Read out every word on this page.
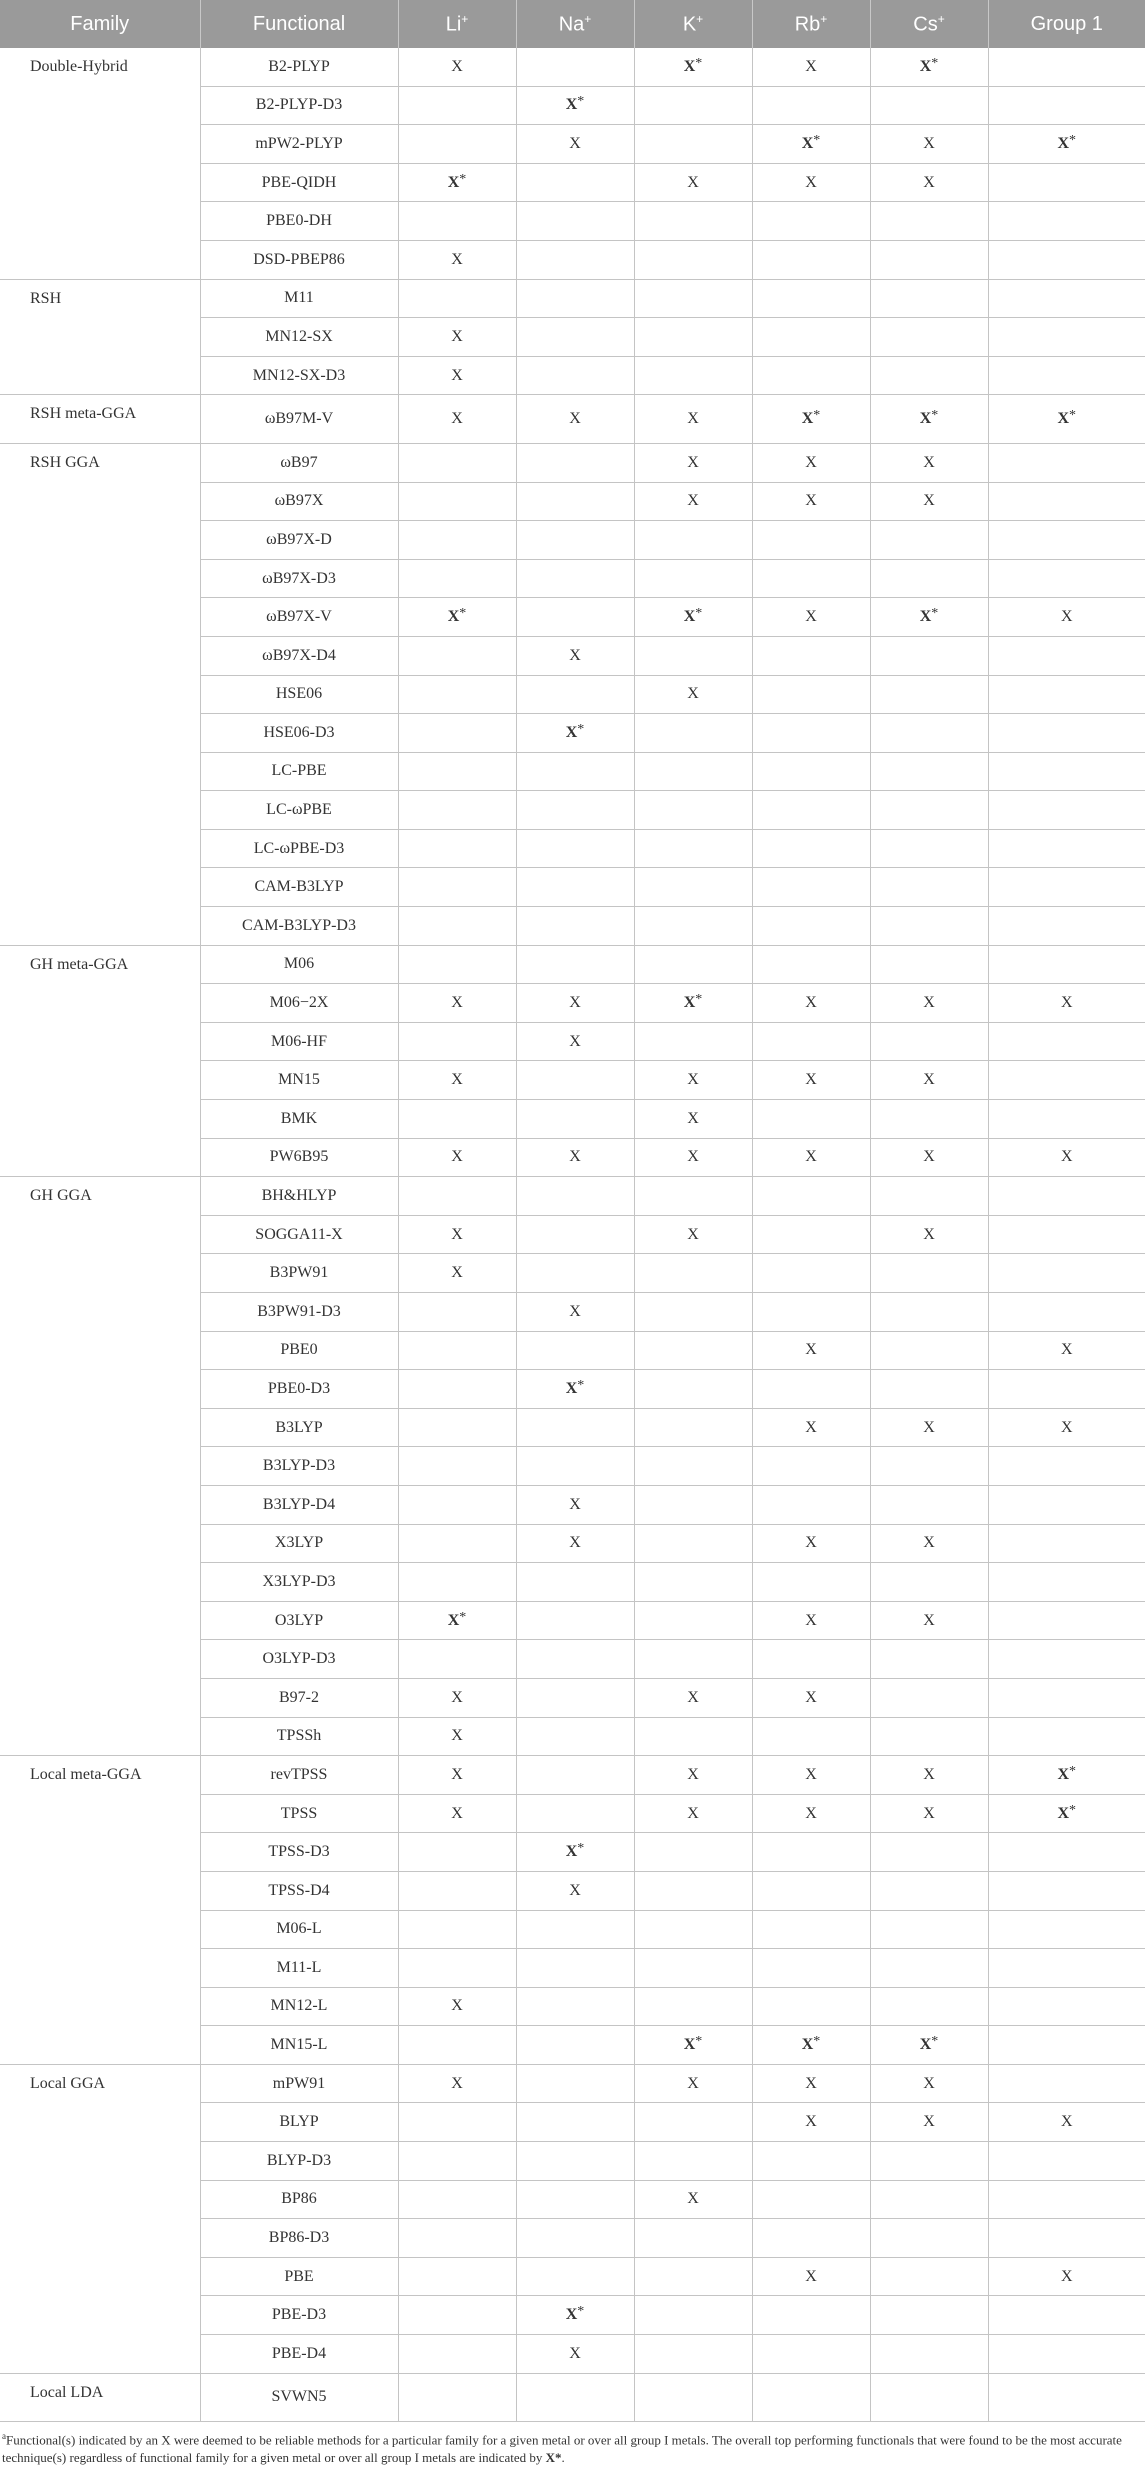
Family	Functional	Li+	Na+	K+	Rb+	Cs+	Group 1
Double-Hybrid	B2-PLYP	X		X*	X	X*	
	B2-PLYP-D3		X*				
	mPW2-PLYP		X		X*	X	X*
	PBE-QIDH	X*		X	X	X	
	PBE0-DH						
	DSD-PBEP86	X					
RSH	M11						
	MN12-SX	X					
	MN12-SX-D3	X					
RSH meta-GGA	ωB97M-V	X	X	X	X*	X*	X*
RSH GGA	ωB97			X	X	X	
	ωB97X			X	X	X	
	ωB97X-D						
	ωB97X-D3						
	ωB97X-V	X*		X*	X	X*	X
	ωB97X-D4		X				
	HSE06			X			
	HSE06-D3		X*				
	LC-PBE						
	LC-ωPBE						
	LC-ωPBE-D3						
	CAM-B3LYP						
	CAM-B3LYP-D3						
GH meta-GGA	M06						
	M06−2X	X	X	X*	X	X	X
	M06-HF		X				
	MN15	X		X	X	X	
	BMK			X			
	PW6B95	X	X	X	X	X	X
GH GGA	BH&HLYP						
	SOGGA11-X	X		X		X	
	B3PW91	X					
	B3PW91-D3		X				
	PBE0				X		X
	PBE0-D3		X*				
	B3LYP				X	X	X
	B3LYP-D3						
	B3LYP-D4		X				
	X3LYP		X		X	X	
	X3LYP-D3						
	O3LYP	X*			X	X	
	O3LYP-D3						
	B97-2	X		X	X		
	TPSSh	X					
Local meta-GGA	revTPSS	X		X	X	X	X*
	TPSS	X		X	X	X	X*
	TPSS-D3		X*				
	TPSS-D4		X				
	M06-L						
	M11-L						
	MN12-L	X					
	MN15-L			X*	X*	X*	
Local GGA	mPW91	X		X	X	X	
	BLYP				X	X	X
	BLYP-D3						
	BP86			X			
	BP86-D3						
	PBE				X		X
	PBE-D3		X*				
	PBE-D4		X				
Local LDA	SVWN5						
$^a$Functional(s) indicated by an X were deemed to be reliable methods for a particular family for a given metal or over all group I metals. The overall top performing functionals that were found to be the most accurate technique(s) regardless of functional family for a given metal or over all group I metals are indicated by X*.
